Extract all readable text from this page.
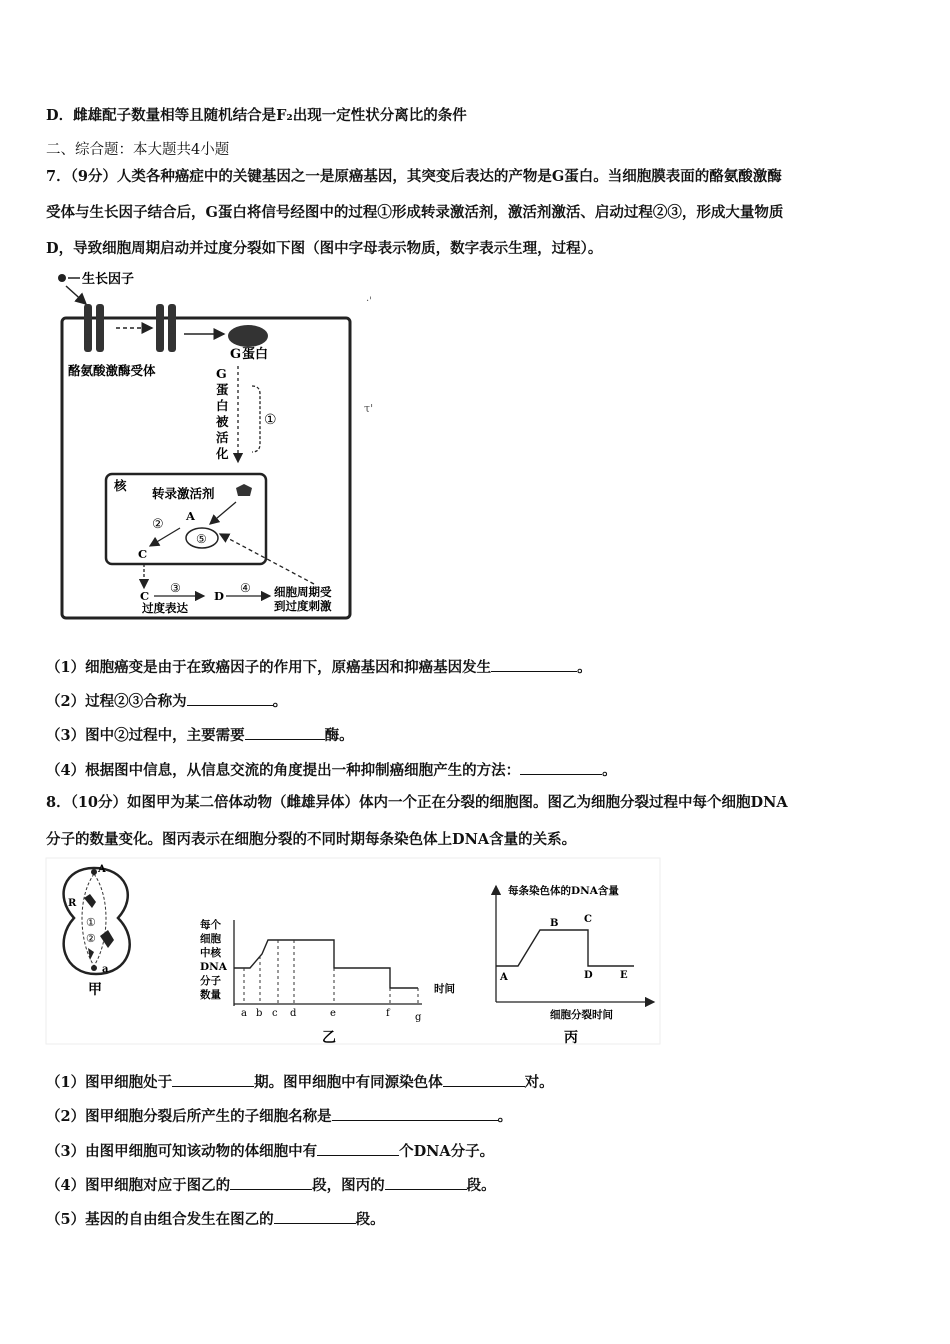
D．雌雄配子数量相等且随机结合是F₂出现一定性状分离比的条件
二、综合题：本大题共4小题
7．（9分）人类各种癌症中的关键基因之一是原癌基因，其突变后表达的产物是G蛋白。当细胞膜表面的酪氨酸激酶
受体与生长因子结合后，G蛋白将信号经图中的过程①形成转录激活剂，激活剂激活、启动过程②③，形成大量物质
D，导致细胞周期启动并过度分裂如下图（图中字母表示物质，数字表示生理，过程）。
生长因子
G 蛋白
酪氨酸激酶受体	G
蛋
白
被
活
化
①
核
转录激活剂
A
②
⑤
C
C
③
过度表达
D
④ 细胞周期受
到过度刺激
·'
τ'
（1）细胞癌变是由于在致癌因子的作用下，原癌基因和抑癌基因发生	。
（2）过程②③合称为	。
（3）图中②过程中，主要需要	酶。
（4）根据图中信息，从信息交流的角度提出一种抑制癌细胞产生的方法：	。
8．（10分）如图甲为某二倍体动物（雌雄异体）体内一个正在分裂的细胞图。图乙为细胞分裂过程中每个细胞DNA
分子的数量变化。图丙表示在细胞分裂的不同时期每条染色体上DNA含量的关系。
R
A
a
①
②
甲
每个
细胞
中核
DNA
分子
数量
a b c d	e	f	g
时间
乙
每条染色体的DNA含量
A
B	C
D	E
细胞分裂时间
丙
（1）图甲细胞处于	期。图甲细胞中有同源染色体	对。
（2）图甲细胞分裂后所产生的子细胞名称是	。
（3）由图甲细胞可知该动物的体细胞中有	个DNA分子。
（4）图甲细胞对应于图乙的	段，图丙的	段。
（5）基因的自由组合发生在图乙的	段。
